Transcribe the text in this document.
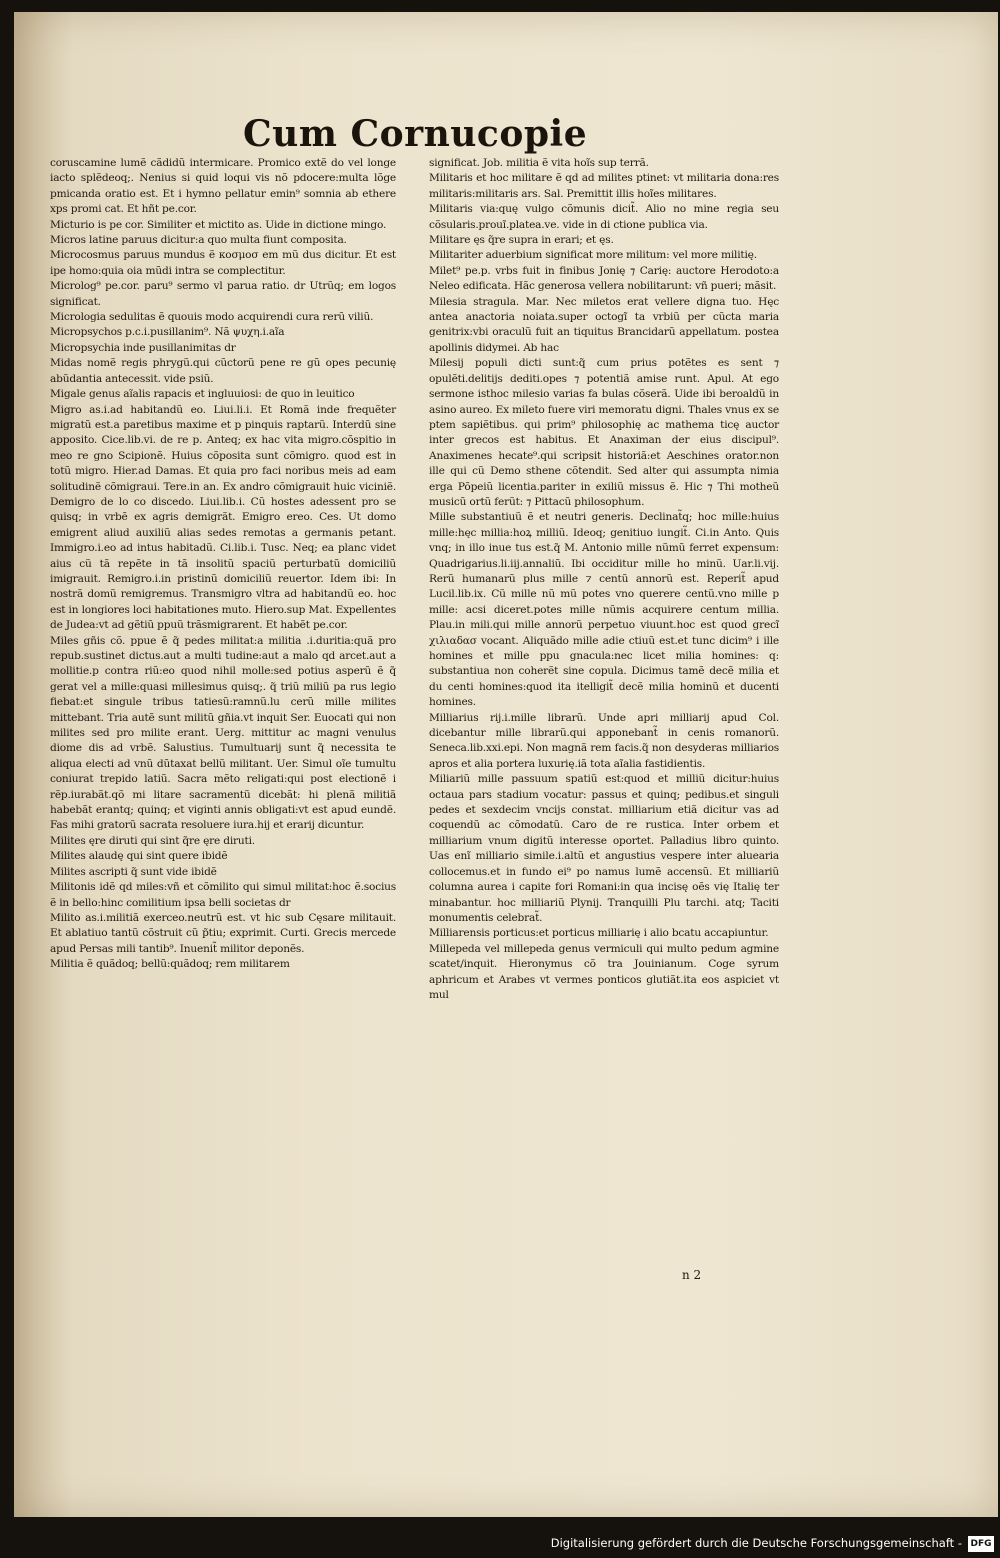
Cum Cornucopie

coruscamine lumẽ cãdidũ intermicare. Promico extẽ do vel longe iacto splẽdeoq;. Nenius si quid loqui vis nõ pdocere:multa lõge pmicanda oratio est. Et i hymno pellatur emin⁹ somnia ab ethere xps promi cat. Et hñt pe.cor.

Micturio is pe cor. Similiter et mictito as. Uide in dictione mingo.

Micros latine paruus dicitur:a quo multa fiunt composita.

Microcosmus paruus mundus ẽ κοσμοσ em mũ dus dicitur. Et est ipe homo:quia oia mũdi intra se complectitur.

Microlog⁹ pe.cor. paru⁹ sermo vl parua ratio. dr Utrũq; em logos significat.

Micrologia sedulitas ẽ quouis modo acquirendi cura rerũ viliũ.

Micropsychos p.c.i.pusillanim⁹. Nã ψυχη.i.aĩa

Micropsychia inde pusillanimitas dr

Midas nomẽ regis phrygũ.qui cũctorũ pene re gũ opes pecunię abũdantia antecessit. vide psiũ.

Migale genus aĩalis rapacis et ingluuiosi: de quo in leuitico

Migro as.i.ad habitandũ eo. Liui.li.i. Et Romã inde frequẽter migratũ est.a paretibus maxime et p pinquis raptarũ. Interdũ sine apposito. Cice.lib.vi. de re p. Anteq; ex hac vita migro.cõspitio in meo re gno Scipionẽ. Huius cõposita sunt cõmigro. quod est in totũ migro. Hier.ad Damas. Et quia pro faci noribus meis ad eam solitudinẽ cõmigraui. Tere.in an. Ex andro cõmigrauit huic viciniẽ. Demigro de lo co discedo. Liui.lib.i. Cũ hostes adessent pro se quisq; in vrbẽ ex agris demigrãt. Emigro ereo. Ces. Ut domo emigrent aliud auxiliũ alias sedes remotas a germanis petant. Immigro.i.eo ad intus habitadũ. Ci.lib.i. Tusc. Neq; ea planc videt aius cũ tã repẽte in tã insolitũ spaciũ perturbatũ domiciliũ imigrauit. Remigro.i.in pristinũ domiciliũ reuertor. Idem ibi: In nostrã domũ remigremus. Transmigro vltra ad habitandũ eo. hoc est in longiores loci habitationes muto. Hiero.sup Mat. Expellentes de Judea:vt ad gẽtiũ ppuũ trãsmigrarent. Et habẽt pe.cor.

Miles gñis cõ. ppue ẽ q̃ pedes militat:a militia .i.duritia:quã pro repub.sustinet dictus.aut a multi tudine:aut a malo qd arcet.aut a mollitie.p contra riũ:eo quod nihil molle:sed potius asperũ ẽ q̃ gerat vel a mille:quasi millesimus quisq;. q̃ triũ miliũ pa rus legio fiebat:et singule tribus tatiesũ:ramnũ.lu cerũ mille milites mittebant. Tria autẽ sunt militũ gñia.vt inquit Ser. Euocati qui non milites sed pro milite erant. Uerg. mittitur ac magni venulus diome dis ad vrbẽ. Salustius. Tumultuarij sunt q̃ necessita te aliqua electi ad vnũ dũtaxat bellũ militant. Uer. Simul oĩe tumultu coniurat trepido latiũ. Sacra mẽto religati:qui post electionẽ i rẽp.iurabãt.qõ mi litare sacramentũ dicebãt: hi plenã militiã habebãt erantq; quinq; et viginti annis obligati:vt est apud eundẽ. Fas mihi gratorũ sacrata resoluere iura.hij et erarij dicuntur.

Milites ęre diruti qui sint q̃re ęre diruti.

Milites alaudę qui sint quere ibidẽ

Milites ascripti q̃ sunt vide ibidẽ

Militonis idẽ qd miles:vñ et cõmilito qui simul militat:hoc ẽ.socius ẽ in bello:hinc comilitium ipsa belli societas dr

Milito as.i.militiã exerceo.neutrũ est. vt hic sub Cęsare militauit. Et ablatiuo tantũ cõstruit cũ p̃tiu; exprimit. Curti. Grecis mercede apud Persas mili tantib⁹. Inuenit̃ militor deponẽs.

Militia ẽ quãdoq; bellũ:quãdoq; rem militarem

significat. Job. militia ẽ vita hoĩs sup terrã.

Militaris et hoc militare ẽ qd ad milites ptinet: vt militaria dona:res militaris:militaris ars. Sal. Premittit illis hoĩes militares.

Militaris via:quę vulgo cõmunis dicit̃. Alio no mine regia seu cõsularis.prouĩ.platea.ve. vide in di ctione publica via.

Militare ęs q̃re supra in erari; et ęs.

Militariter aduerbium significat more militum: vel more militię.

Milet⁹ pe.p. vrbs fuit in finibus Jonię ⁊ Carię: auctore Herodoto:a Neleo edificata. Hãc generosa vellera nobilitarunt: vñ pueri; mãsit.

Milesia stragula. Mar. Nec miletos erat vellere digna tuo. Hęc antea anactoria noiata.super octogĩ ta vrbiũ per cũcta maria genitrix:vbi oraculũ fuit an tiquitus Brancidarũ appellatum. postea apollinis didymei. Ab hac

Milesij populi dicti sunt:q̃ cum prius potẽtes es sent ⁊ opulẽti.delitijs dediti.opes ⁊ potentiã amise runt. Apul. At ego sermone isthoc milesio varias fa bulas cõserã. Uide ibi beroaldũ in asino aureo. Ex mileto fuere viri memoratu digni. Thales vnus ex se ptem sapiẽtibus. qui prim⁹ philosophię ac mathema ticę auctor inter grecos est habitus. Et Anaximan der eius discipul⁹. Anaximenes hecate⁹.qui scripsit historiã:et Aeschines orator.non ille qui cũ Demo sthene cõtendit. Sed alter qui assumpta nimia erga Põpeiũ licentia.pariter in exiliũ missus ẽ. Hic ⁊ Thi motheũ musicũ ortũ ferũt: ⁊ Pittacũ philosophum.

Mille substantiuũ ẽ et neutri generis. Declinat̃q; hoc mille:huius mille:hęc millia:hoꝝ milliũ. Ideoq; genitiuo iungit̃. Ci.in Anto. Quis vnq; in illo inue tus est.q̃ M. Antonio mille nũmũ ferret expensum: Quadrigarius.li.iij.annaliũ. Ibi occiditur mille ho minũ. Uar.li.vij. Rerũ humanarũ plus mille ⁊ centũ annorũ est. Reperit̃ apud Lucil.lib.ix. Cũ mille nũ mũ potes vno querere centũ.vno mille p mille: acsi diceret.potes mille nũmis acquirere centum millia. Plau.in mili.qui mille annorũ perpetuo viuunt.hoc est quod grecĩ χιλιαδασ vocant. Aliquãdo mille adie ctiuũ est.et tunc dicim⁹ i ille homines et mille ppu gnacula:nec licet milia homines: q: substantiua non coherẽt sine copula. Dicimus tamẽ decẽ milia et du centi homines:quod ita itelligit̃ decẽ milia hominũ et ducenti homines.

Milliarius rij.i.mille librarũ. Unde apri milliarij apud Col. dicebantur mille librarũ.qui apponebant̃ in cenis romanorũ. Seneca.lib.xxi.epi. Non magnã rem facis.q̃ non desyderas milliarios apros et alia portera luxurię.iã tota aĩalia fastidientis.

Miliariũ mille passuum spatiũ est:quod et milliũ dicitur:huius octaua pars stadium vocatur: passus et quinq; pedibus.et singuli pedes et sexdecim vncijs constat. milliarium etiã dicitur vas ad coquendũ ac cõmodatũ. Caro de re rustica. Inter orbem et milliarium vnum digitũ interesse oportet. Palladius libro quinto. Uas enĩ milliario simile.i.altũ et angustius vespere inter aluearia collocemus.et in fundo ei⁹ po namus lumẽ accensũ. Et milliariũ columna aurea i capite fori Romani:in qua incisę oẽs vię Italię ter minabantur. hoc milliariũ Plynij. Tranquilli Plu tarchi. atq; Taciti monumentis celebrat̃.

Milliarensis porticus:et porticus milliarię i alio bcatu accapiuntur.

Millepeda vel millepeda genus vermiculi qui multo pedum agmine scatet/inquit. Hieronymus cõ tra Jouinianum. Coge syrum aphricum et Arabes vt vermes ponticos glutiãt.ita eos aspiciet vt mul

n 2
Digitalisierung gefördert durch die Deutsche Forschungsgemeinschaft - DFG
